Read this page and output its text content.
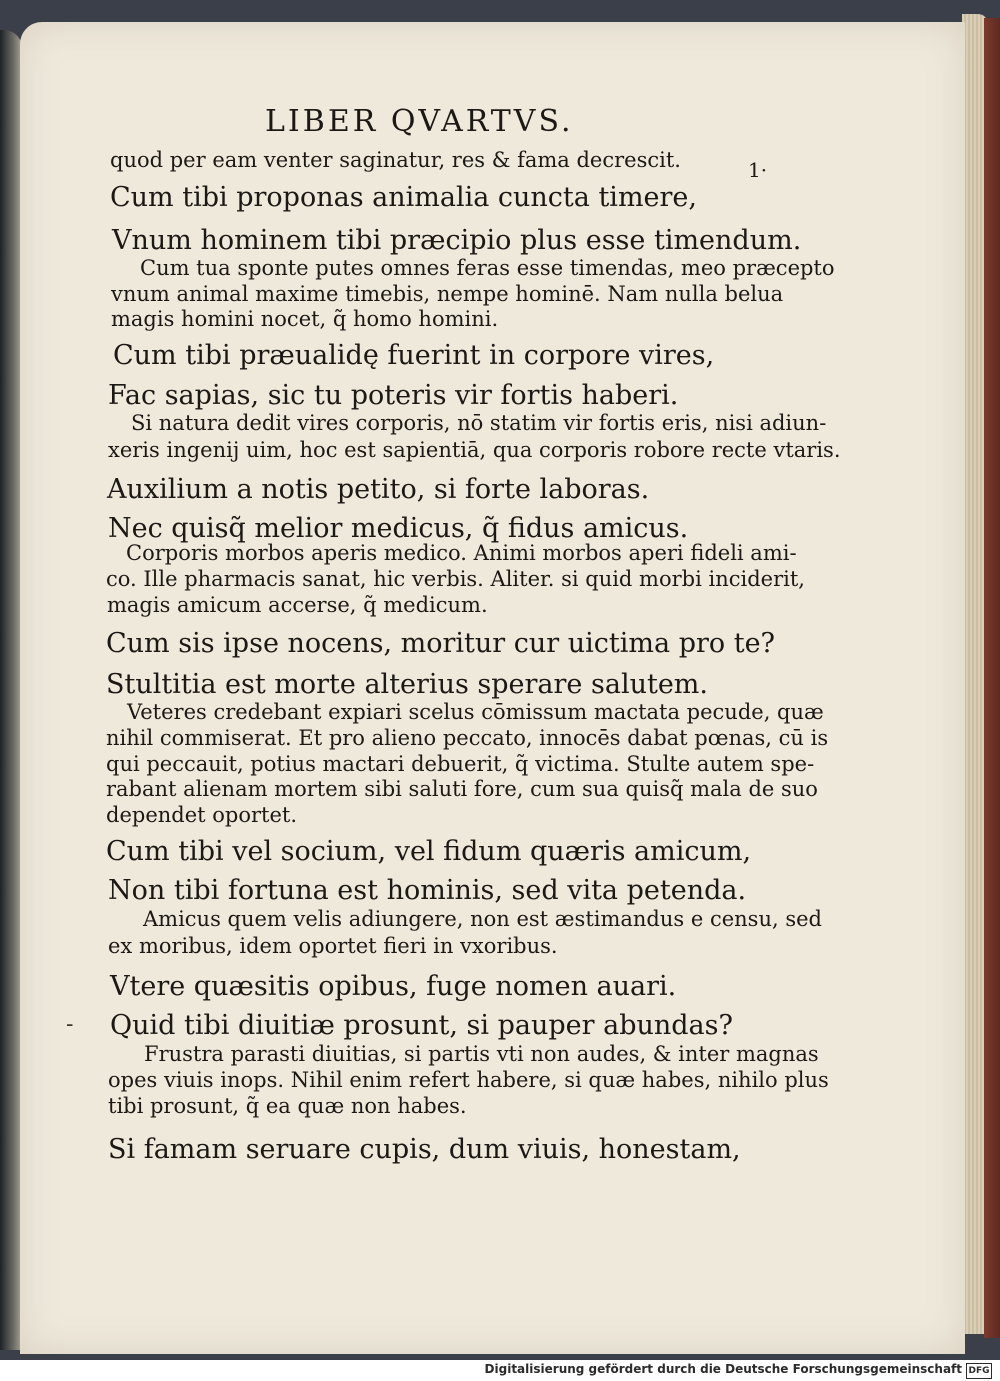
LIBER QVARTVS.
1·
-
quod per eam venter saginatur, res & fama decrescit.
Cum tibi proponas animalia cuncta timere,
Vnum hominem tibi præcipio plus esse timendum.
Cum tua sponte putes omnes feras esse timendas, meo præcepto
vnum animal maxime timebis, nempe hominē. Nam nulla belua
magis homini nocet, q̃ homo homini.
Cum tibi præualidę fuerint in corpore vires,
Fac sapias, sic tu poteris vir fortis haberi.
Si natura dedit vires corporis, nō statim vir fortis eris, nisi adiun-
xeris ingenij uim, hoc est sapientiā, qua corporis robore recte vtaris.
Auxilium a notis petito, si forte laboras.
Nec quisq̃ melior medicus, q̃ fidus amicus.
Corporis morbos aperis medico. Animi morbos aperi fideli ami-
co. Ille pharmacis sanat, hic verbis. Aliter. si quid morbi inciderit,
magis amicum accerse, q̃ medicum.
Cum sis ipse nocens, moritur cur uictima pro te?
Stultitia est morte alterius sperare salutem.
Veteres credebant expiari scelus cōmissum mactata pecude, quæ
nihil commiserat. Et pro alieno peccato, innocēs dabat pœnas, cū is
qui peccauit, potius mactari debuerit, q̃ victima. Stulte autem spe-
rabant alienam mortem sibi saluti fore, cum sua quisq̃ mala de suo
dependet oportet.
Cum tibi vel socium, vel fidum quæris amicum,
Non tibi fortuna est hominis, sed vita petenda.
Amicus quem velis adiungere, non est æstimandus e censu, sed
ex moribus, idem oportet fieri in vxoribus.
Vtere quæsitis opibus, fuge nomen auari.
Quid tibi diuitiæ prosunt, si pauper abundas?
Frustra parasti diuitias, si partis vti non audes, & inter magnas
opes viuis inops. Nihil enim refert habere, si quæ habes, nihilo plus
tibi prosunt, q̃ ea quæ non habes.
Si famam seruare cupis, dum viuis, honestam,
Digitalisierung gefördert durch die Deutsche Forschungsgemeinschaft DFG
